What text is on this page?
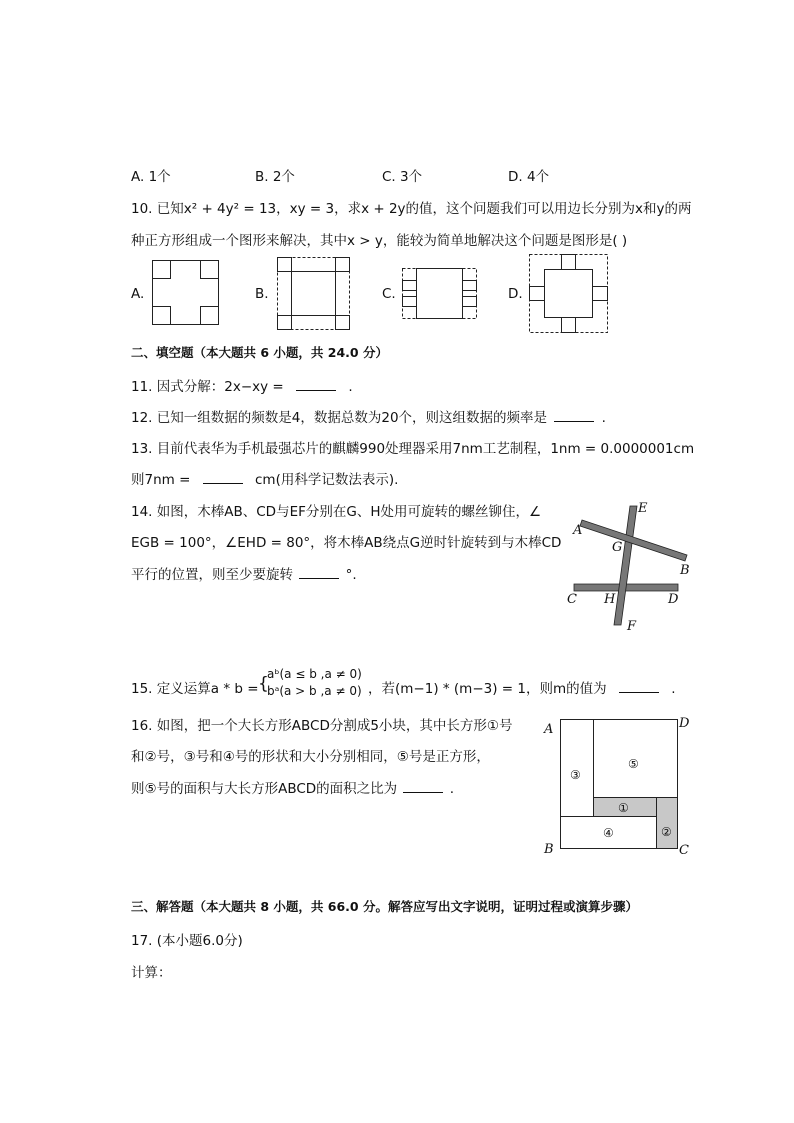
A. 1个	B. 2个	C. 3个	D. 4个
10. 已知x² + 4y² = 13，xy = 3，求x + 2y的值，这个问题我们可以用边长分别为x和y的两
种正方形组成一个图形来解决，其中x > y，能较为简单地解决这个问题是图形是( )
A.	B.	C.	D.
二、填空题（本大题共 6 小题，共 24.0 分）
11. 因式分解：2x−xy =	.
12. 已知一组数据的频数是4，数据总数为20个，则这组数据的频率是	.
13. 目前代表华为手机最强芯片的麒麟990处理器采用7nm工艺制程，1nm = 0.0000001cm
则7nm =	cm(用科学记数法表示).
14. 如图，木棒AB、CD与EF分别在G、H处用可旋转的螺丝铆住，∠
EGB = 100°，∠EHD = 80°，将木棒AB绕点G逆时针旋转到与木棒CD
平行的位置，则至少要旋转	°.
A
B
C	D
E
F
G
H
15. 定义运算a * b = {
aᵇ(a ≤ b ,a ≠ 0)
bᵃ(a > b ,a ≠ 0) ，若(m−1) * (m−3) = 1，则m的值为	.
16. 如图，把一个大长方形ABCD分割成5小块，其中长方形①号
和②号，③号和④号的形状和大小分别相同，⑤号是正方形，
则⑤号的面积与大长方形ABCD的面积之比为	.
A	D
B	C
③
⑤
①
④	②
三、解答题（本大题共 8 小题，共 66.0 分。解答应写出文字说明，证明过程或演算步骤）
17. (本小题6.0分)
计算：
